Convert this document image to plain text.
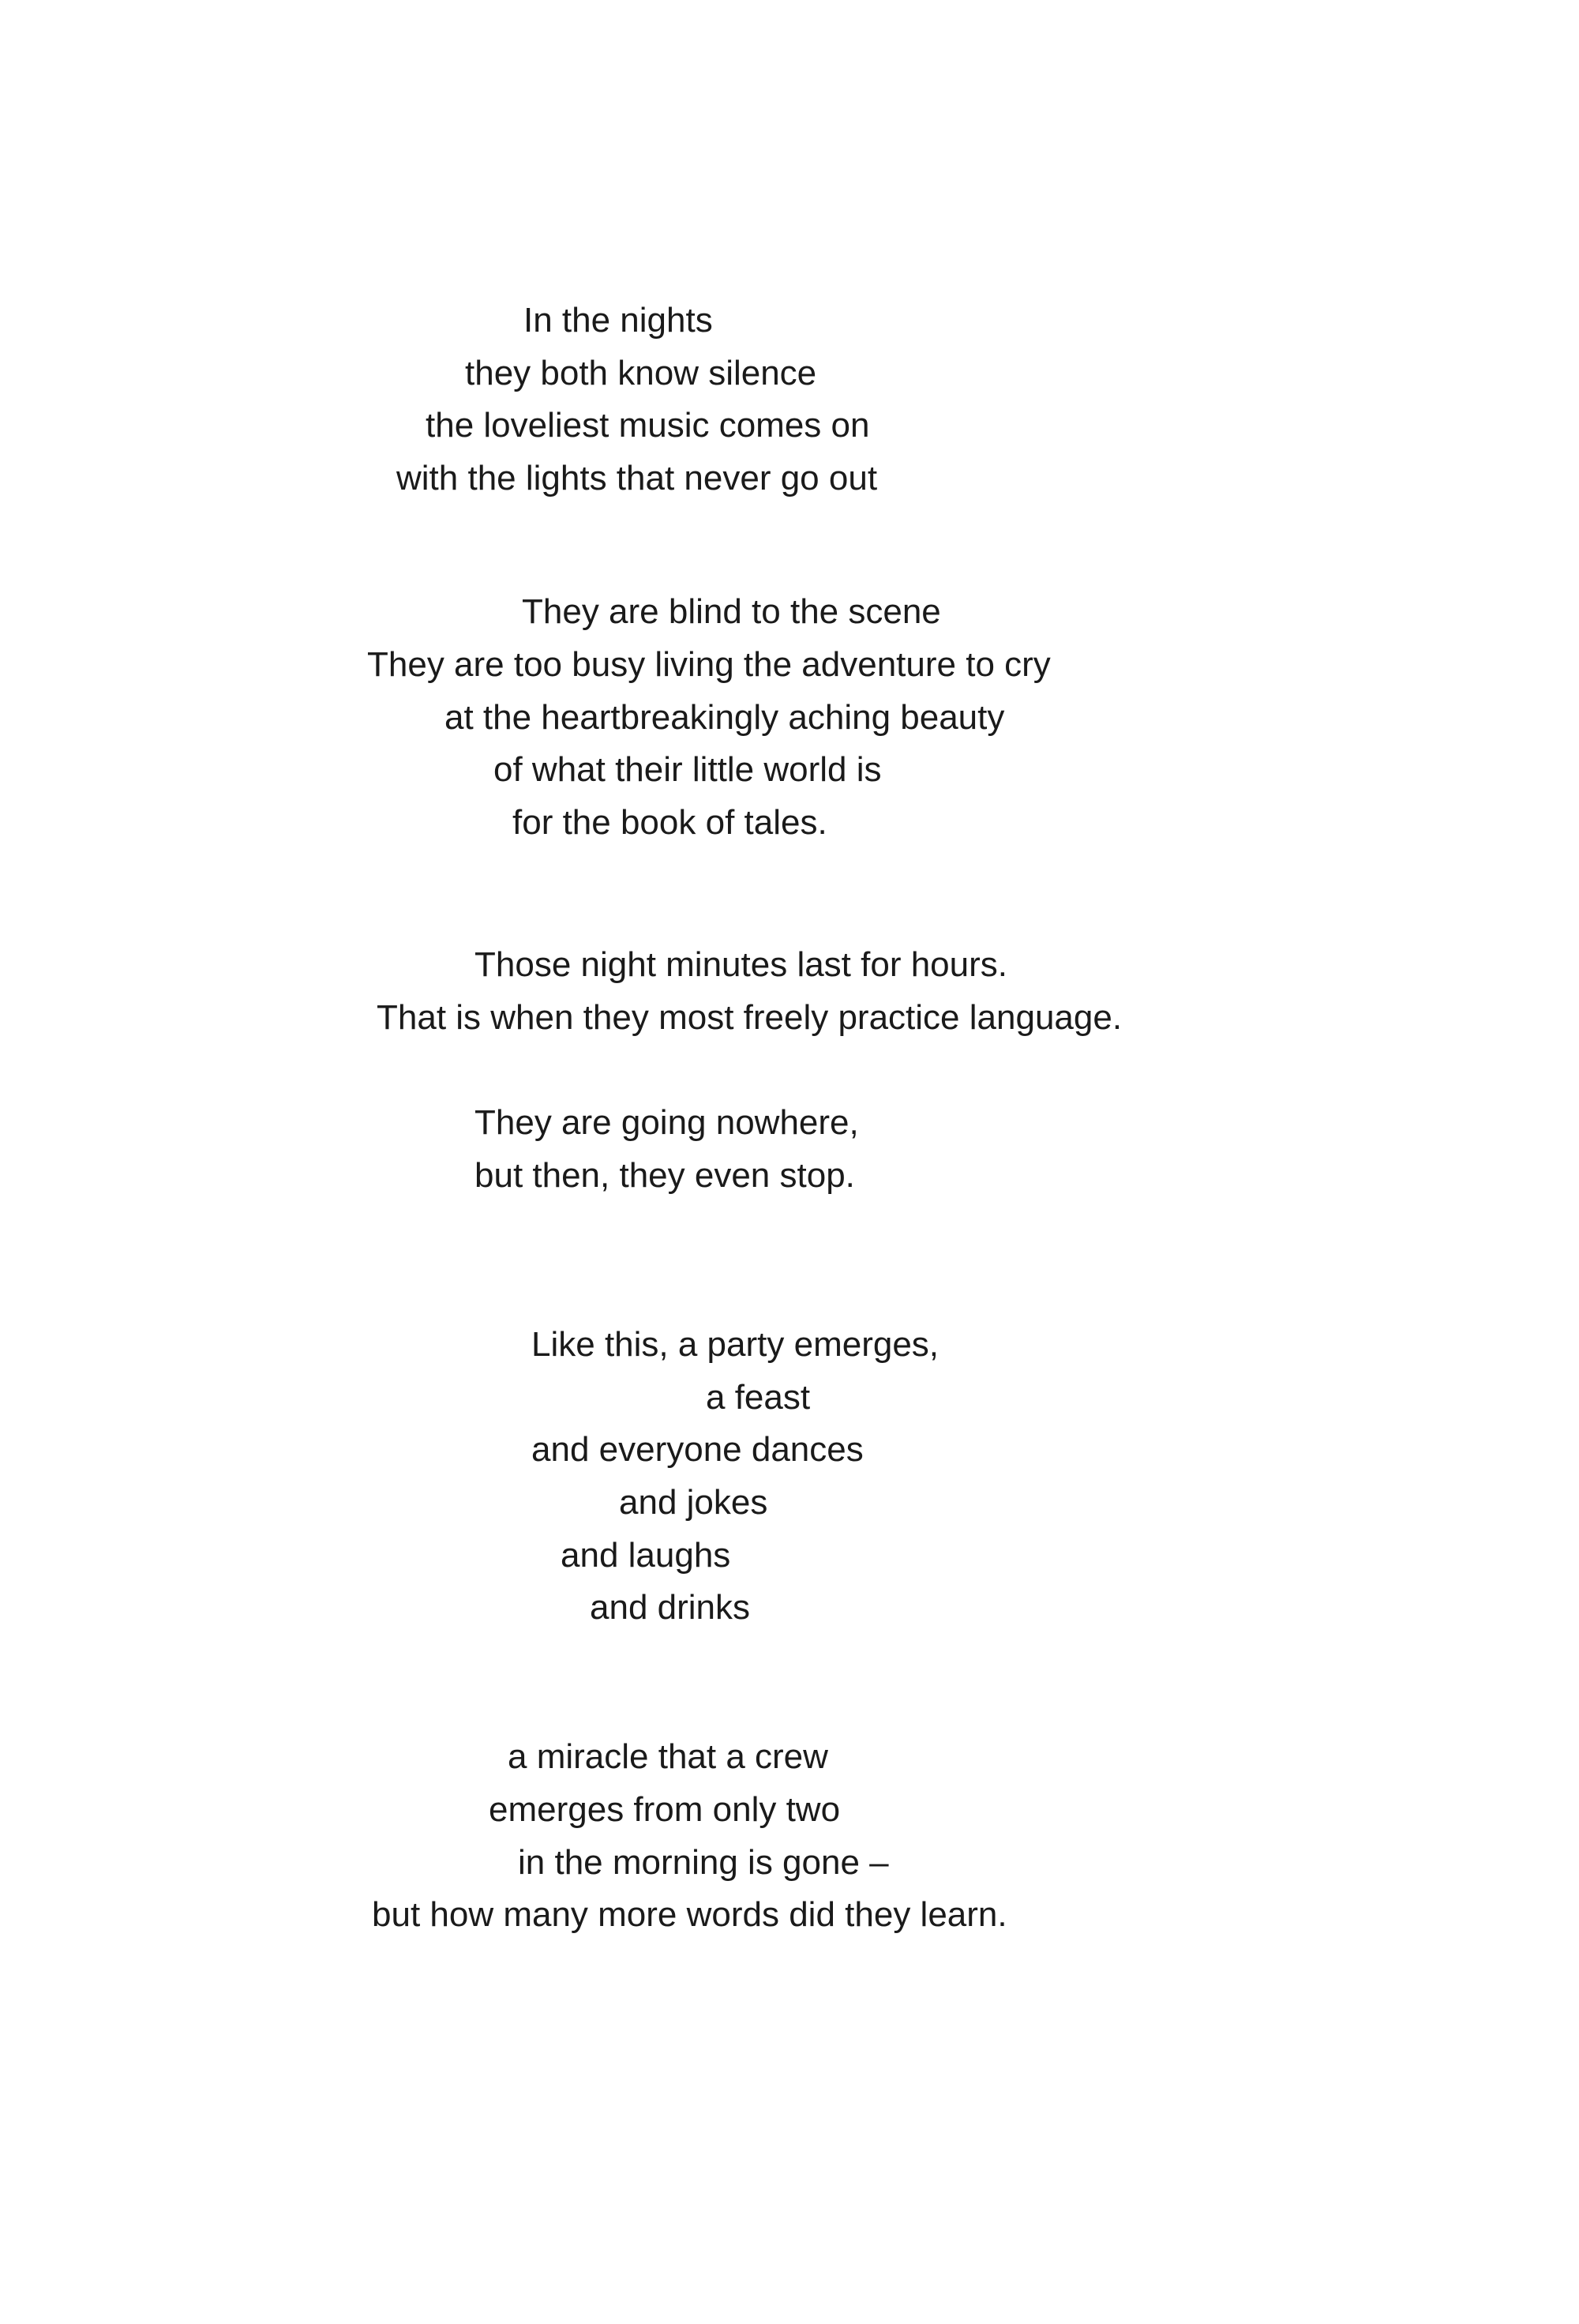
In the nights

they both know silence

the loveliest music comes on

with the lights that never go out

They are blind to the scene

They are too busy living the adventure to cry

at the heartbreakingly aching beauty

of what their little world is

for the book of tales.

Those night minutes last for hours.

That is when they most freely practice language.

They are going nowhere,

but then, they even stop.

Like this, a party emerges,

a feast

and everyone dances

and jokes

and laughs

and drinks

a miracle that a crew

emerges from only two

in the morning is gone –

but how many more words did they learn.
